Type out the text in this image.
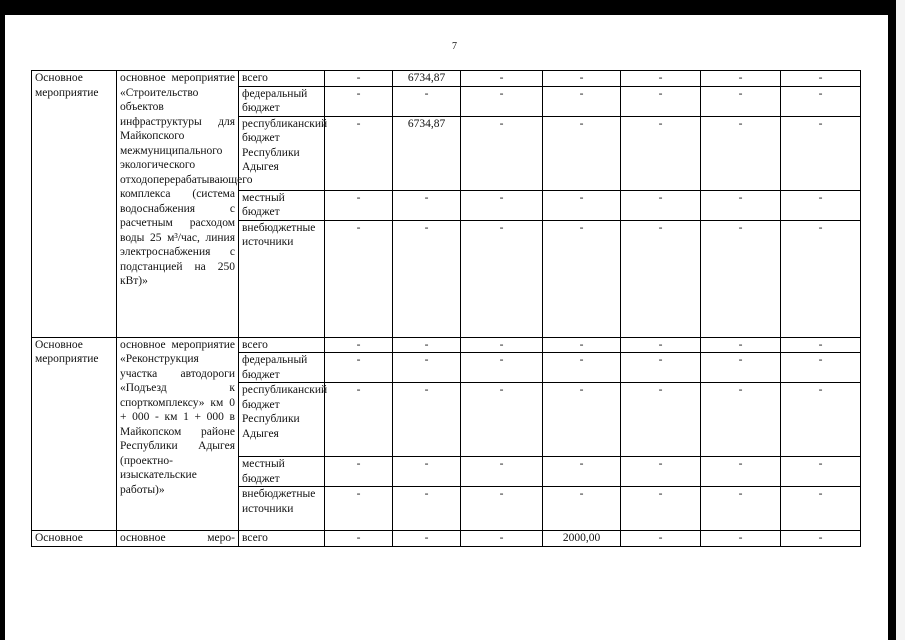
7
Основное мероприятие	основное мероприятие «Строительство объектов инфраструктуры для Майкопского межмуниципального экологического отходоперерабатывающего комплекса (система водоснабжения с расчетным расходом воды 25 м³/час, линия электроснабжения с подстанцией на 250 кВт)»	всего	-	6734,87	-	-	-	-	-
		федеральный бюджет	-	-	-	-	-	-	-
		республиканский бюджет Республики Адыгея	-	6734,87	-	-	-	-	-
		местный бюджет	-	-	-	-	-	-	-
		внебюджетные источники	-	-	-	-	-	-	-
Основное мероприятие	основное мероприятие «Реконструкция участка автодороги «Подъезд к спорткомплексу» км 0 + 000 - км 1 + 000 в Майкопском районе Республики Адыгея (проектно-изыскательские работы)»	всего	-	-	-	-	-	-	-
		федеральный бюджет	-	-	-	-	-	-	-
		республиканский бюджет Республики Адыгея	-	-	-	-	-	-	-
		местный бюджет	-	-	-	-	-	-	-
		внебюджетные источники	-	-	-	-	-	-	-
Основное	основное меро-	всего	-	-	-	2000,00	-	-	-
